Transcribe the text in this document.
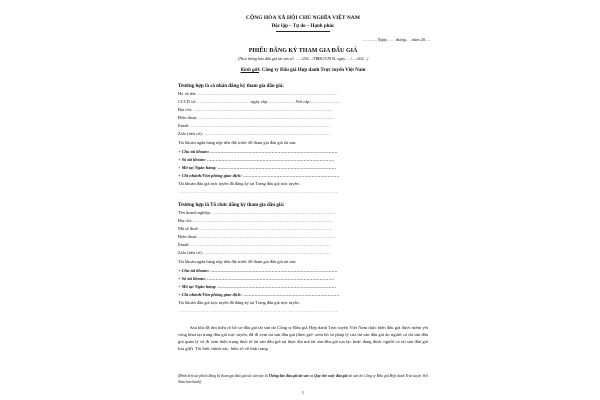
CỘNG HÒA XÃ HỘI CHỦ NGHĨA VIỆT NAM
Độc lập – Tự do – Hạnh phúc
………., Ngày…… tháng…. năm 20….
PHIẾU ĐĂNG KÝ THAM GIA ĐẤU GIÁ
(Theo thông báo đấu giá tài sản số ……/202…/TBĐG/VNOA, ngày …./…./202…)
Kính gửi: Công ty Đấu giá Hợp danh Trực tuyến Việt Nam
Trường hợp là cá nhân đăng ký tham gia đấu giá:
Họ và tên: ……………………………………………………………………………………
CCCD số: ……………………………… ngày cấp: ………………Nơi cấp:…………………
Địa chỉ: ……………………………………………………………………………………
Điện thoại: …………………………………………………………………………………
Email: ……………………………………………………………………………………
Zalo (nếu có): ……………………………………………………………………………
Tài khoản ngân hàng nộp tiền đặt trước để tham gia đấu giá tài sản:
+ Chủ tài khoản: ……………………………………………………………………………
+ Số tài khoản: ……………………………………………………………………………
+ Mở tại Ngân hàng: ………………………………………………………………………
+ Chi nhánh/Văn phòng giao dịch: …………………………………………………………
Tài khoản đấu giá trực tuyến đã đăng ký tại Trang đấu giá trực tuyến:
……………………………………………………………………………………………
Trường hợp là Tổ chức đăng ký tham gia đấu giá:
Tên doanh nghiệp: …………………………………………………………………………
Địa chỉ: ……………………………………………………………………………………
Mã số thuế: ………………………………………………………………………………
Điện thoại: …………………………………………………………………………………
Email: ……………………………………………………………………………………
Zalo (nếu có): ……………………………………………………………………………
Tài khoản ngân hàng nộp tiền đặt trước để tham gia đấu giá tài sản:
+ Chủ tài khoản: ……………………………………………………………………………
+ Số tài khoản: ……………………………………………………………………………
+ Mở tại Ngân hàng: ………………………………………………………………………
+ Chi nhánh/Văn phòng giao dịch: …………………………………………………………
Tài khoản đấu giá trực tuyến đã đăng ký tại Trang đấu giá trực tuyến:
……………………………………………………………………………………………
Sau khi đã tìm hiểu rõ hồ sơ đấu giá tài sản do Công ty Đấu giá Hợp danh Trực tuyến Việt Nam thực hiện đấu giá được niêm yết công khai tại trang đấu giá trực tuyến, đã đi xem tài sản đấu giá (theo giờ: xem hồ sơ pháp lý của tài sản đấu giá do người có tài sản đấu giá quản lý và đi xem hiện trạng thực tế tài sản đấu giá tại thực địa mà tài sản đấu giá tọa lạc hoặc đang được người có tài sản đấu giá lưu giữ). Tôi biết chính xác, hiểu rõ về tình trạng
(Đính kèm tại phiếu đăng ký tham gia đấu giá tài sản này là Thông báo đấu giá tài sản và Quy chế cuộc đấu giá tài sản do Công ty Đấu giá Hợp danh Trực tuyến Việt Nam ban hành).
1
